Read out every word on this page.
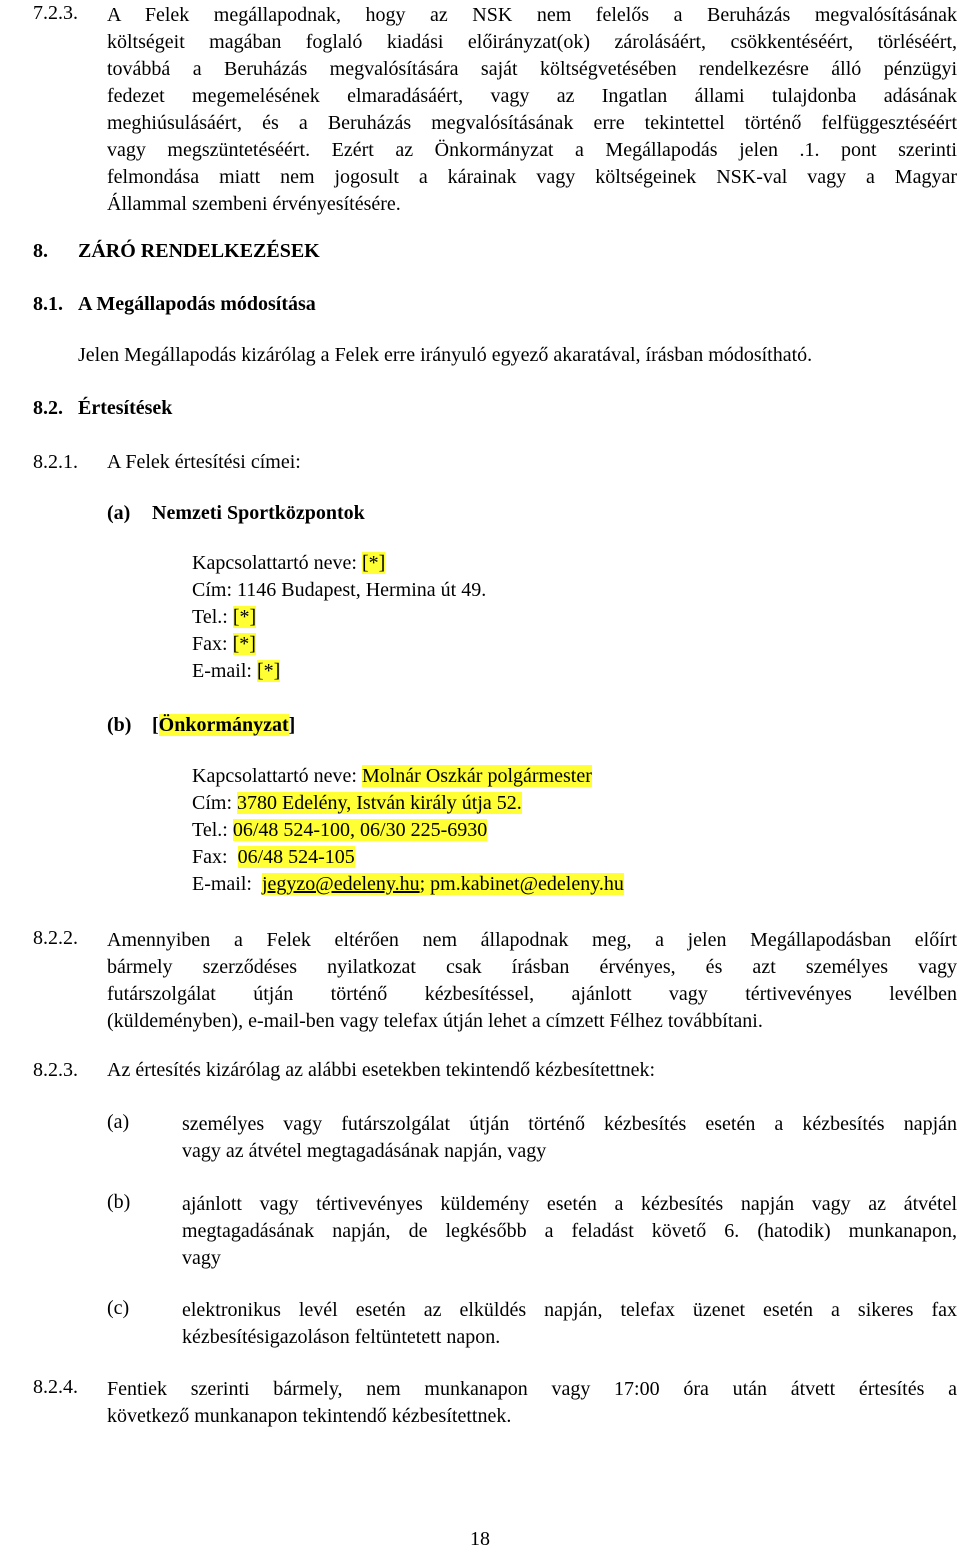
7.2.3. A Felek megállapodnak, hogy az NSK nem felelős a Beruházás megvalósításának
költségeit magában foglaló kiadási előirányzat(ok) zárolásáért, csökkentéséért, törléséért,
továbbá a Beruházás megvalósítására saját költségvetésében rendelkezésre álló pénzügyi
fedezet megemelésének elmaradásáért, vagy az Ingatlan állami tulajdonba adásának
meghiúsulásáért, és a Beruházás megvalósításának erre tekintettel történő felfüggesztéséért
vagy megszüntetéséért. Ezért az Önkormányzat a Megállapodás jelen .1. pont szerinti
felmondása miatt nem jogosult a kárainak vagy költségeinek NSK-val vagy a Magyar
Állammal szembeni érvényesítésére.
8. ZÁRÓ RENDELKEZÉSEK
8.1. A Megállapodás módosítása
Jelen Megállapodás kizárólag a Felek erre irányuló egyező akaratával, írásban módosítható.
8.2. Értesítések
8.2.1. A Felek értesítési címei:
(a) Nemzeti Sportközpontok
Kapcsolattartó neve: [*]
Cím: 1146 Budapest, Hermina út 49.
Tel.: [*]
Fax: [*]
E-mail: [*]
(b) [Önkormányzat]
Kapcsolattartó neve: Molnár Oszkár polgármester
Cím: 3780 Edelény, István király útja 52.
Tel.: 06/48 524-100, 06/30 225-6930
Fax:  06/48 524-105
E-mail:  jegyzo@edeleny.hu; pm.kabinet@edeleny.hu
8.2.2. Amennyiben a Felek eltérően nem állapodnak meg, a jelen Megállapodásban előírt
bármely szerződéses nyilatkozat csak írásban érvényes, és azt személyes vagy
futárszolgálat útján történő kézbesítéssel, ajánlott vagy tértivevényes levélben
(küldeményben), e-mail-ben vagy telefax útján lehet a címzett Félhez továbbítani.
8.2.3. Az értesítés kizárólag az alábbi esetekben tekintendő kézbesítettnek:
(a)	személyes vagy futárszolgálat útján történő kézbesítés esetén a kézbesítés napján
vagy az átvétel megtagadásának napján, vagy
(b)	ajánlott vagy tértivevényes küldemény esetén a kézbesítés napján vagy az átvétel
megtagadásának napján, de legkésőbb a feladást követő 6. (hatodik) munkanapon,
vagy
(c)	elektronikus levél esetén az elküldés napján, telefax üzenet esetén a sikeres fax
kézbesítésigazoláson feltüntetett napon.
8.2.4. Fentiek szerinti bármely, nem munkanapon vagy 17:00 óra után átvett értesítés a
következő munkanapon tekintendő kézbesítettnek.
18
